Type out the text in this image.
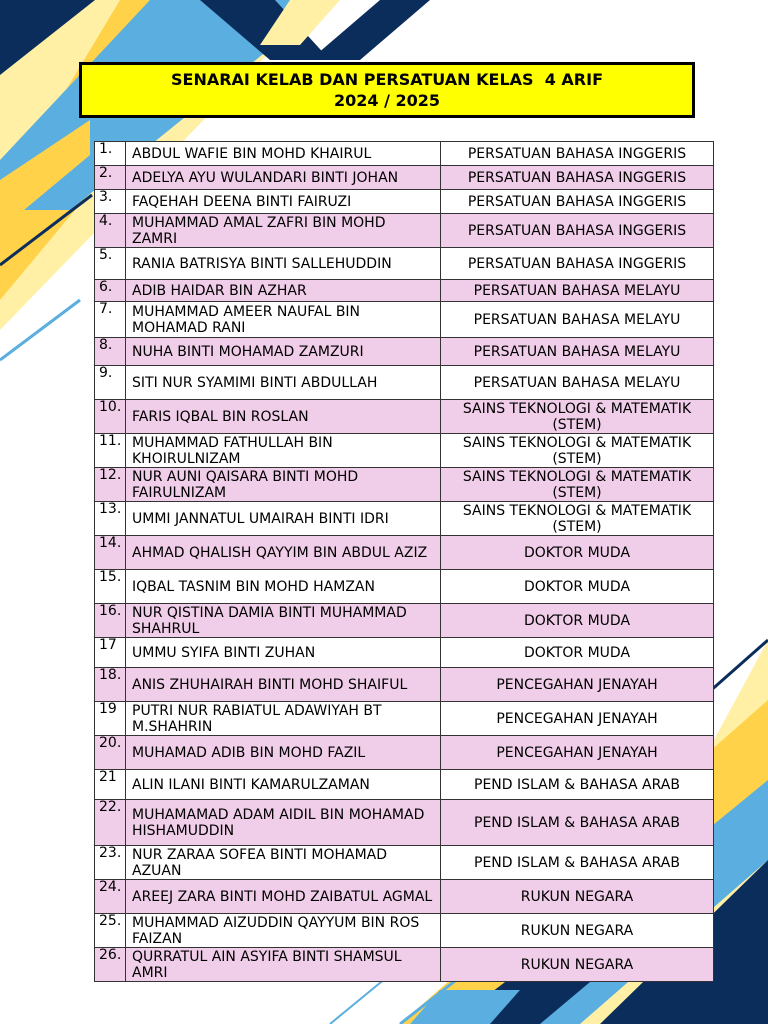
SENARAI KELAB DAN PERSATUAN KELAS  4 ARIF
2024 / 2025
1.	ABDUL WAFIE BIN MOHD KHAIRUL	PERSATUAN BAHASA INGGERIS
2.	ADELYA AYU WULANDARI BINTI JOHAN	PERSATUAN BAHASA INGGERIS
3.	FAQEHAH DEENA BINTI FAIRUZI	PERSATUAN BAHASA INGGERIS
4.	MUHAMMAD AMAL ZAFRI BIN MOHD ZAMRI	PERSATUAN BAHASA INGGERIS
5.	RANIA BATRISYA BINTI SALLEHUDDIN	PERSATUAN BAHASA INGGERIS
6.	ADIB HAIDAR BIN AZHAR	PERSATUAN BAHASA MELAYU
7.	MUHAMMAD AMEER NAUFAL BIN MOHAMAD RANI	PERSATUAN BAHASA MELAYU
8.	NUHA BINTI MOHAMAD ZAMZURI	PERSATUAN BAHASA MELAYU
9.	SITI NUR SYAMIMI BINTI ABDULLAH	PERSATUAN BAHASA MELAYU
10.	FARIS IQBAL BIN ROSLAN	SAINS TEKNOLOGI & MATEMATIK (STEM)
11.	MUHAMMAD FATHULLAH BIN KHOIRULNIZAM	SAINS TEKNOLOGI & MATEMATIK (STEM)
12.	NUR AUNI QAISARA BINTI MOHD FAIRULNIZAM	SAINS TEKNOLOGI & MATEMATIK (STEM)
13.	UMMI JANNATUL UMAIRAH BINTI IDRI	SAINS TEKNOLOGI & MATEMATIK (STEM)
14.	AHMAD QHALISH QAYYIM BIN ABDUL AZIZ	DOKTOR MUDA
15.	IQBAL TASNIM BIN MOHD HAMZAN	DOKTOR MUDA
16.	NUR QISTINA DAMIA BINTI MUHAMMAD SHAHRUL	DOKTOR MUDA
17	UMMU SYIFA BINTI ZUHAN	DOKTOR MUDA
18.	ANIS ZHUHAIRAH BINTI MOHD SHAIFUL	PENCEGAHAN JENAYAH
19	PUTRI NUR RABIATUL ADAWIYAH BT M.SHAHRIN	PENCEGAHAN JENAYAH
20.	MUHAMAD ADIB BIN MOHD FAZIL	PENCEGAHAN JENAYAH
21	ALIN ILANI BINTI KAMARULZAMAN	PEND ISLAM & BAHASA ARAB
22.	MUHAMAMAD ADAM AIDIL BIN MOHAMAD HISHAMUDDIN	PEND ISLAM & BAHASA ARAB
23.	NUR ZARAA SOFEA BINTI MOHAMAD AZUAN	PEND ISLAM & BAHASA ARAB
24.	AREEJ ZARA BINTI MOHD ZAIBATUL AGMAL	RUKUN NEGARA
25.	MUHAMMAD AIZUDDIN QAYYUM BIN ROS FAIZAN	RUKUN NEGARA
26.	QURRATUL AIN ASYIFA BINTI SHAMSUL AMRI	RUKUN NEGARA
